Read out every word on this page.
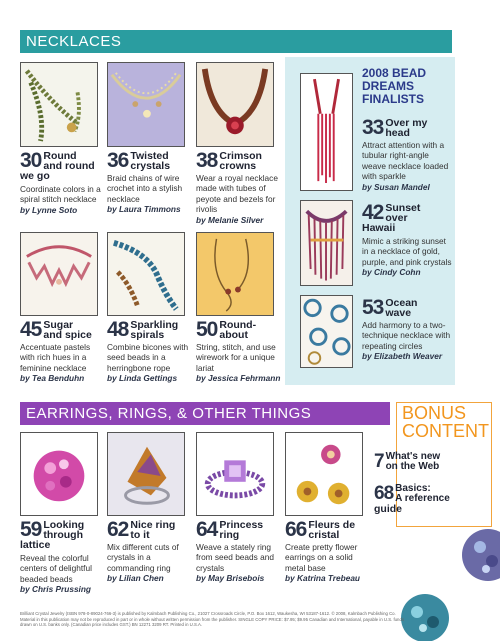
NECKLACES
EARRINGS, RINGS, & OTHER THINGS
30 Round
and round
we go
Coordinate colors in a spiral stitch necklace
by Lynne Soto
36 Twisted
crystals
Braid chains of wire crochet into a stylish necklace
by Laura Timmons
38 Crimson
crowns
Wear a royal necklace made with tubes of peyote and bezels for rivolis
by Melanie Silver
45 Sugar
and spice
Accentuate pastels with rich hues in a feminine necklace
by Tea Benduhn
48 Sparkling
spirals
Combine bicones with seed beads in a herringbone rope
by Linda Gettings
50 Round-
about
String, stitch, and use wirework for a unique lariat
by Jessica Fehrmann
2008 BEAD DREAMS FINALISTS
33 Over my
head
Attract attention with a tubular right-angle weave necklace loaded with sparkle
by Susan Mandel
42 Sunset
over
Hawaii
Mimic a striking sunset in a necklace of gold, purple, and pink crystals
by Cindy Cohn
53 Ocean
wave
Add harmony to a two-technique necklace with repeating circles
by Elizabeth Weaver
59 Looking
through
lattice
Reveal the colorful centers of delightful beaded beads
by Chris Prussing
62 Nice ring
to it
Mix different cuts of crystals in a commanding ring
by Lilian Chen
64 Princess
ring
Weave a stately ring from seed beads and crystals
by May Brisebois
66 Fleurs de
cristal
Create pretty flower earrings on a solid metal base
by Katrina Trebeau
BONUS CONTENT
7 What's new
on the Web
68 Basics:
A reference
guide
Brilliant Crystal Jewelry (ISBN 978-0-89024-766-3) is published by Kalmbach Publishing Co., 21027 Crossroads Circle, P.O. Box 1612, Waukesha, WI 53187-1612. © 2008, Kalmbach Publishing Co. Material in this publication may not be reproduced in part or in whole without written permission from the publisher. SINGLE COPY PRICE: $7.95; $9.95 Canadian and International, payable in U.S. funds drawn on U.S. banks only. (Canadian price includes GST.) BN 12271 3209 RT. Printed in U.S.A.
